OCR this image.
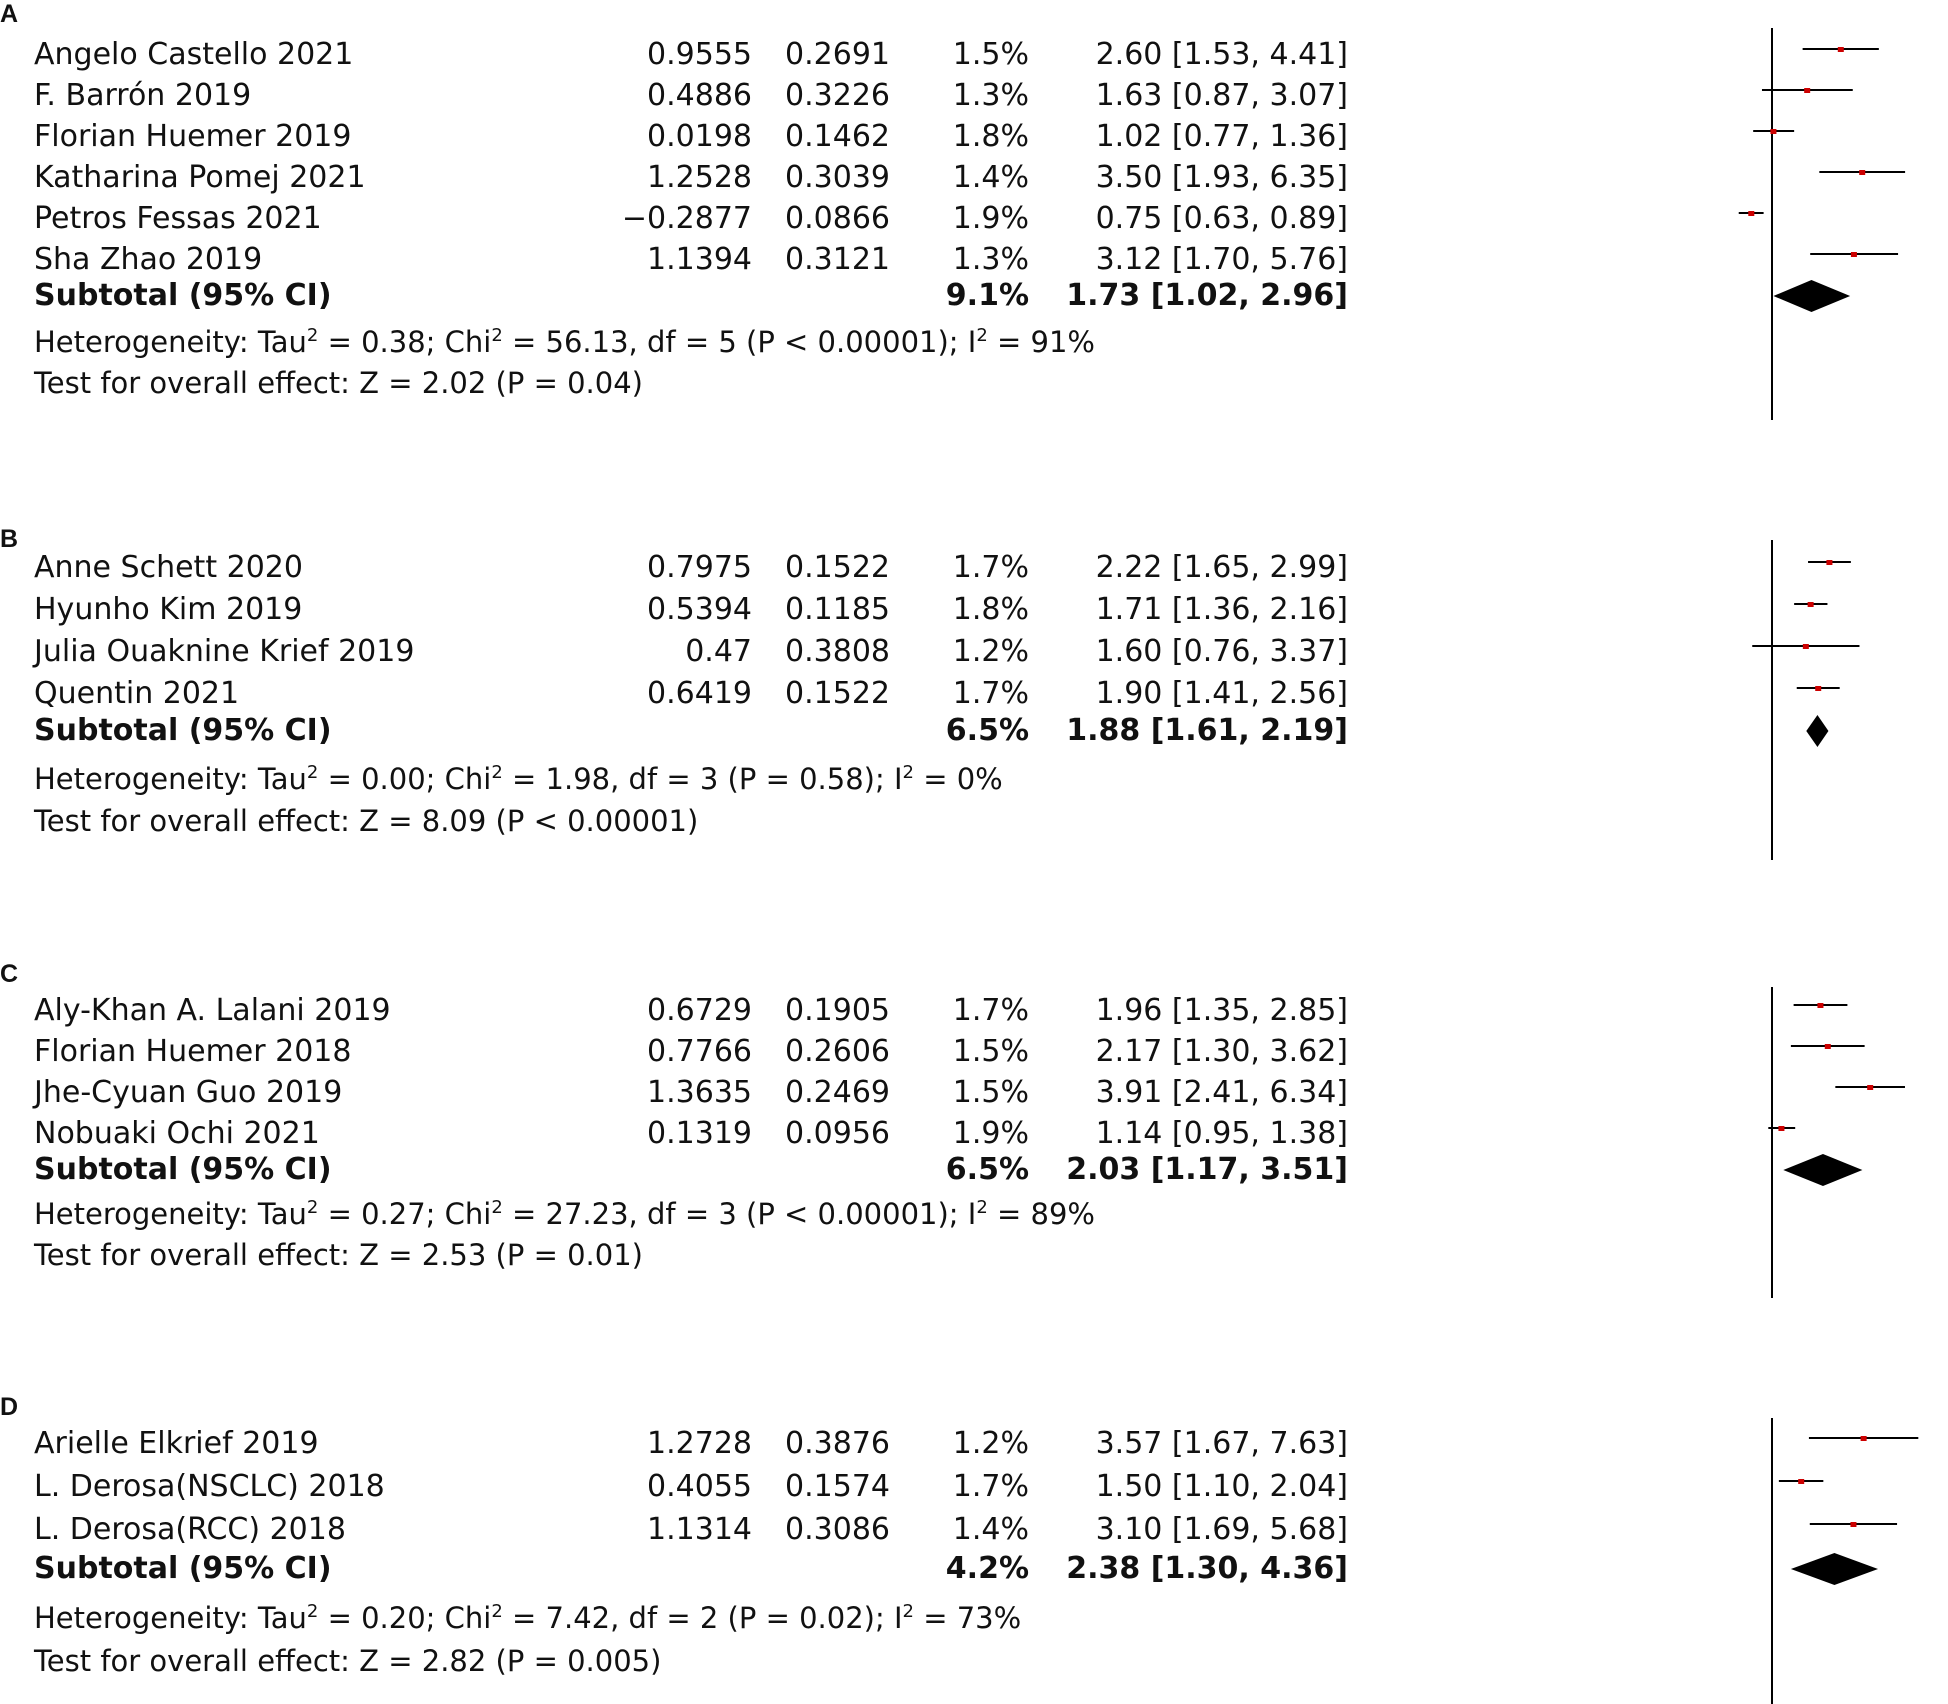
A
Angelo Castello 2021	0.9555 0.2691 1.5% 2.60 [1.53, 4.41]
F. Barrón 2019	0.4886 0.3226 1.3% 1.63 [0.87, 3.07]
Florian Huemer 2019	0.0198 0.1462 1.8% 1.02 [0.77, 1.36]
Katharina Pomej 2021	1.2528 0.3039 1.4% 3.50 [1.93, 6.35]
Petros Fessas 2021	−0.2877 0.0866 1.9% 0.75 [0.63, 0.89]
Sha Zhao 2019	1.1394 0.3121 1.3% 3.12 [1.70, 5.76]
Subtotal (95% CI)	9.1% 1.73 [1.02, 2.96]
Heterogeneity: Tau$^2$ = 0.38; Chi$^2$ = 56.13, df = 5 (P < 0.00001); $I^2 = 91\%$
Test for overall effect: Z = 2.02 (P = 0.04)
B
Anne Schett 2020	0.7975 0.1522 1.7% 2.22 [1.65, 2.99]
Hyunho Kim 2019	0.5394 0.1185 1.8% 1.71 [1.36, 2.16]
Julia Ouaknine Krief 2019	0.47 0.3808 1.2% 1.60 [0.76, 3.37]
Quentin 2021	0.6419 0.1522 1.7% 1.90 [1.41, 2.56]
Subtotal (95% CI)	6.5% 1.88 [1.61, 2.19]
Heterogeneity: Tau$^2$ = 0.00; Chi$^2$ = 1.98, df = 3 (P = 0.58); $I^2 = 0\%$
Test for overall effect: Z = 8.09 (P < 0.00001)
C
Aly-Khan A. Lalani 2019	0.6729 0.1905 1.7% 1.96 [1.35, 2.85]
Florian Huemer 2018	0.7766 0.2606 1.5% 2.17 [1.30, 3.62]
Jhe-Cyuan Guo 2019	1.3635 0.2469 1.5% 3.91 [2.41, 6.34]
Nobuaki Ochi 2021	0.1319 0.0956 1.9% 1.14 [0.95, 1.38]
Subtotal (95% CI)	6.5% 2.03 [1.17, 3.51]
Heterogeneity: Tau$^2$ = 0.27; Chi$^2$ = 27.23, df = 3 (P < 0.00001); $I^2 = 89\%$
Test for overall effect: Z = 2.53 (P = 0.01)
D
Arielle Elkrief 2019	1.2728 0.3876 1.2% 3.57 [1.67, 7.63]
L. Derosa(NSCLC) 2018	0.4055 0.1574 1.7% 1.50 [1.10, 2.04]
L. Derosa(RCC) 2018	1.1314 0.3086 1.4% 3.10 [1.69, 5.68]
Subtotal (95% CI)	4.2% 2.38 [1.30, 4.36]
Heterogeneity: Tau$^2$ = 0.20; Chi$^2$ = 7.42, df = 2 (P = 0.02); $I^2 = 73\%$
Test for overall effect: Z = 2.82 (P = 0.005)
